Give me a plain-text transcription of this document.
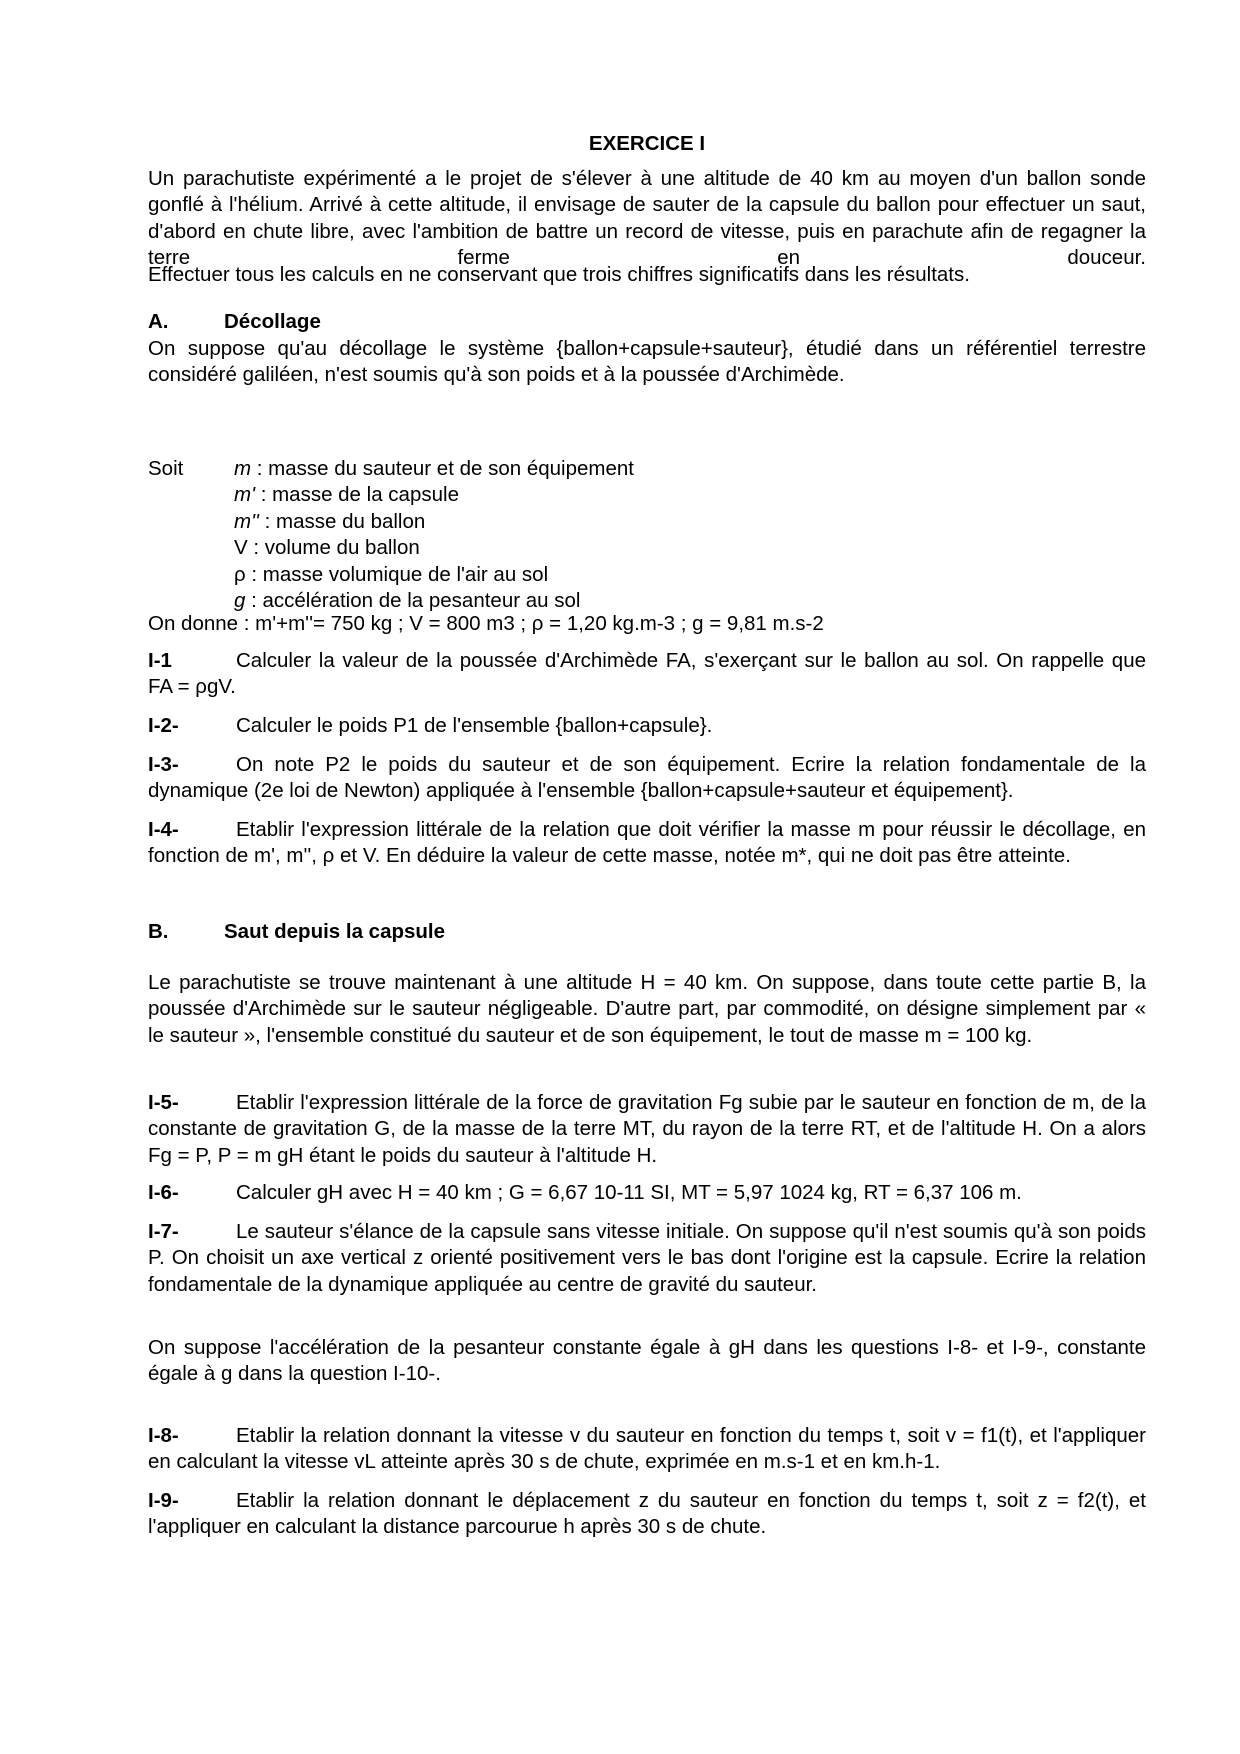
EXERCICE I
Un parachutiste expérimenté a le projet de s'élever à une altitude de 40 km au moyen d'un ballon sonde gonflé à l'hélium. Arrivé à cette altitude, il envisage de sauter de la capsule du ballon pour effectuer un saut, d'abord en chute libre, avec l'ambition de battre un record de vitesse, puis en parachute afin de regagner la terre ferme en douceur.
Effectuer tous les calculs en ne conservant que trois chiffres significatifs dans les résultats.
A.	Décollage
On suppose qu'au décollage le système {ballon+capsule+sauteur}, étudié dans un référentiel terrestre considéré galiléen, n'est soumis qu'à son poids et à la poussée d'Archimède.
Soit m : masse du sauteur et de son équipement
m' : masse de la capsule
m'' : masse du ballon
V : volume du ballon
ρ : masse volumique de l'air au sol
g : accélération de la pesanteur au sol
On donne : m'+m''= 750 kg ; V = 800 m3 ; ρ = 1,20 kg.m-3 ; g = 9,81 m.s-2
I-1	Calculer la valeur de la poussée d'Archimède FA, s'exerçant sur le ballon au sol. On rappelle que FA = ρgV.
I-2-	Calculer le poids P1 de l'ensemble {ballon+capsule}.
I-3-	On note P2 le poids du sauteur et de son équipement. Ecrire la relation fondamentale de la dynamique (2e loi de Newton) appliquée à l'ensemble {ballon+capsule+sauteur et équipement}.
I-4-	Etablir l'expression littérale de la relation que doit vérifier la masse m pour réussir le décollage, en fonction de m', m'', ρ et V. En déduire la valeur de cette masse, notée m*, qui ne doit pas être atteinte.
B.	Saut depuis la capsule
Le parachutiste se trouve maintenant à une altitude H = 40 km. On suppose, dans toute cette partie B, la poussée d'Archimède sur le sauteur négligeable. D'autre part, par commodité, on désigne simplement par « le sauteur », l'ensemble constitué du sauteur et de son équipement, le tout de masse m = 100 kg.
I-5-	Etablir l'expression littérale de la force de gravitation Fg subie par le sauteur en fonction de m, de la constante de gravitation G, de la masse de la terre MT, du rayon de la terre RT, et de l'altitude H. On a alors Fg = P, P = m gH étant le poids du sauteur à l'altitude H.
I-6-	Calculer gH avec H = 40 km ; G = 6,67 10-11 SI, MT = 5,97 1024 kg, RT = 6,37 106 m.
I-7-	Le sauteur s'élance de la capsule sans vitesse initiale. On suppose qu'il n'est soumis qu'à son poids P. On choisit un axe vertical z orienté positivement vers le bas dont l'origine est la capsule. Ecrire la relation fondamentale de la dynamique appliquée au centre de gravité du sauteur.
On suppose l'accélération de la pesanteur constante égale à gH dans les questions I-8- et I-9-, constante égale à g dans la question I-10-.
I-8-	Etablir la relation donnant la vitesse v du sauteur en fonction du temps t, soit v = f1(t), et l'appliquer en calculant la vitesse vL atteinte après 30 s de chute, exprimée en m.s-1 et en km.h-1.
I-9-	Etablir la relation donnant le déplacement z du sauteur en fonction du temps t, soit z = f2(t), et l'appliquer en calculant la distance parcourue h après 30 s de chute.
